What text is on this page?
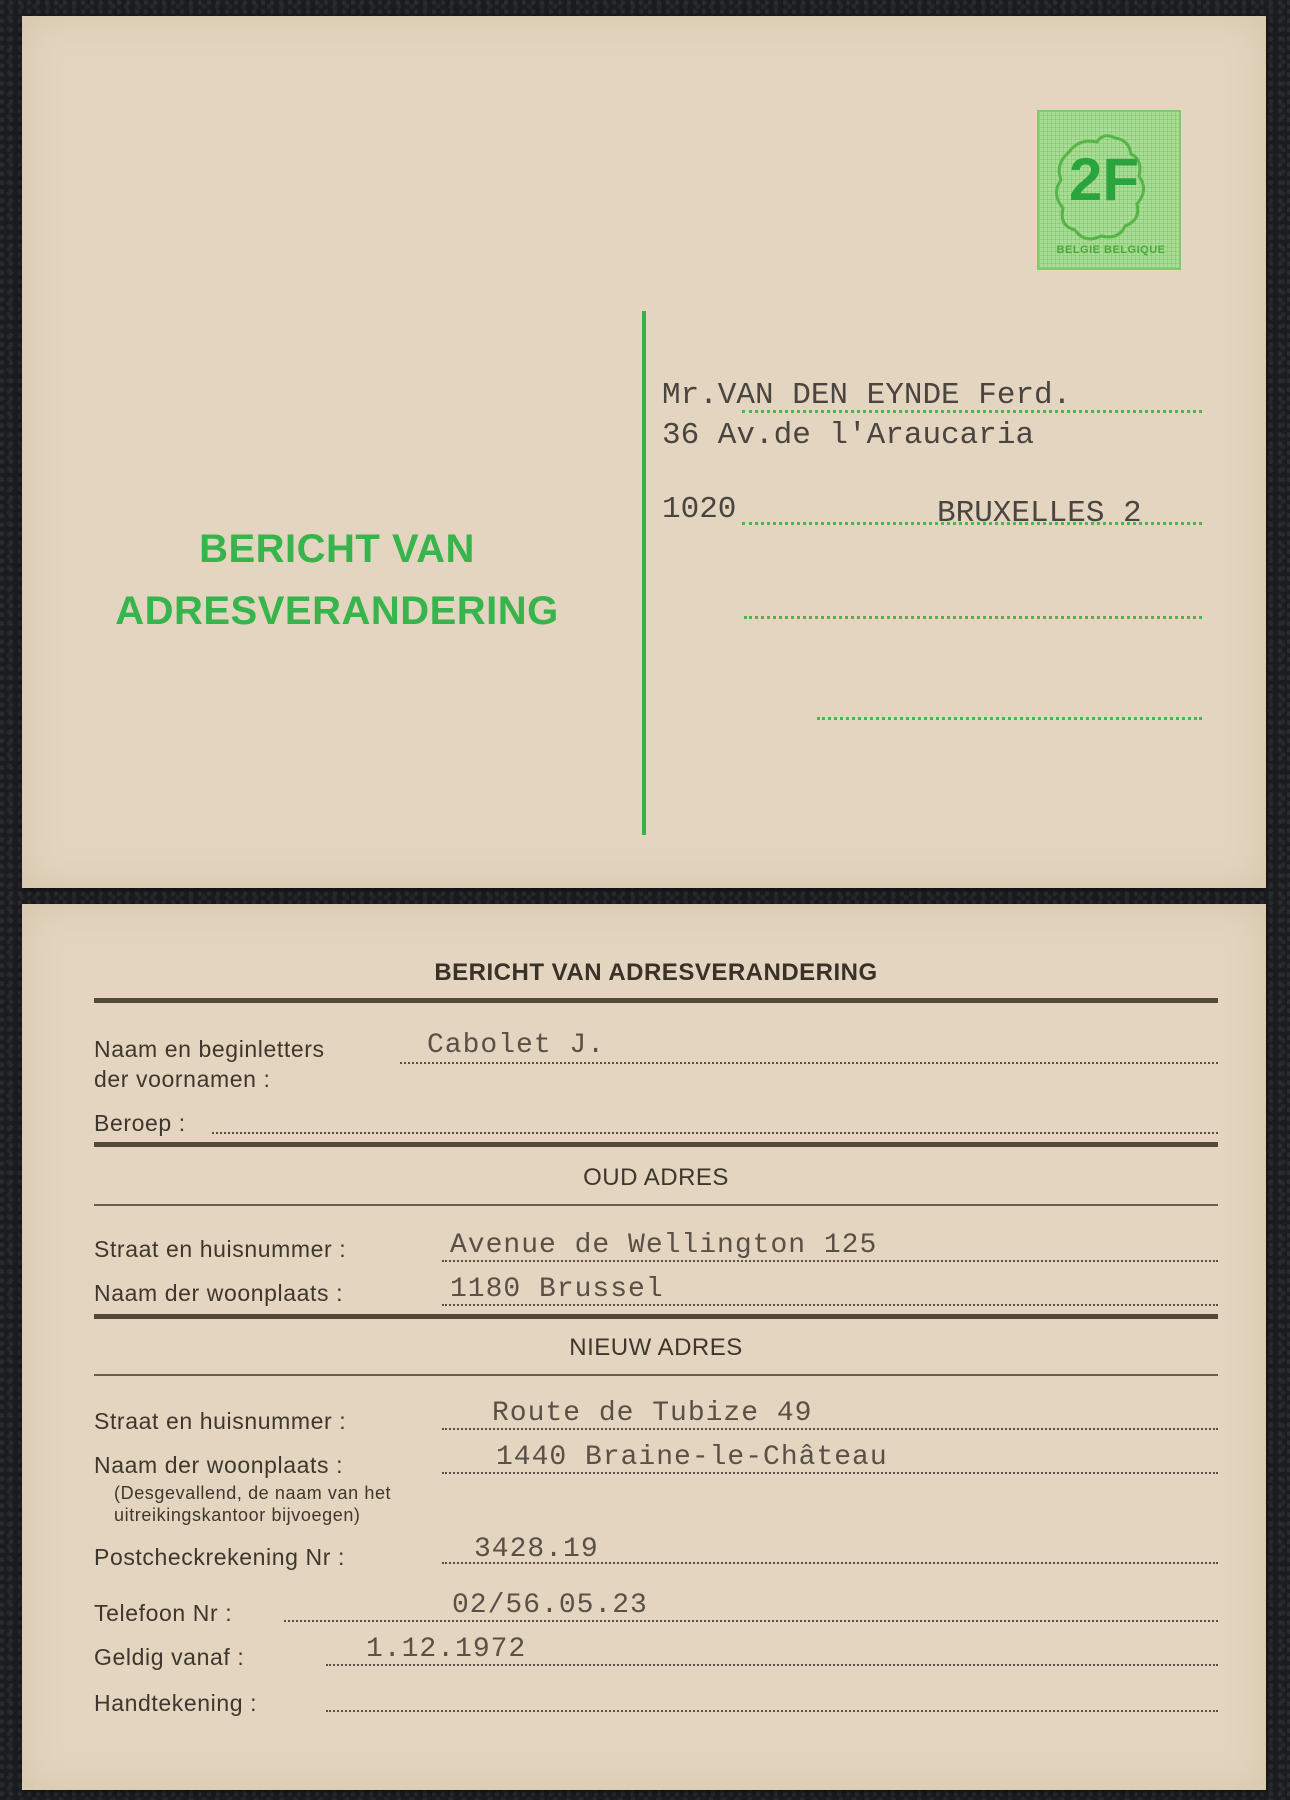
2F
BELGIE BELGIQUE
BERICHT VAN
ADRESVERANDERING
Mr.VAN DEN EYNDE Ferd.
36 Av.de l'Araucaria
1020	BRUXELLES 2
BERICHT VAN ADRESVERANDERING
Naam en beginletters
der voornamen :
Cabolet J.
Beroep :
OUD ADRES
Straat en huisnummer :	Avenue de Wellington 125
Naam der woonplaats :	1180 Brussel
NIEUW ADRES
Straat en huisnummer :	Route de Tubize 49
Naam der woonplaats :	1440 Braine-le-Château
(Desgevallend, de naam van het
uitreikingskantoor bijvoegen)
Postcheckrekening Nr :	3428.19
Telefoon Nr :	02/56.05.23
Geldig vanaf :	1.12.1972
Handtekening :
